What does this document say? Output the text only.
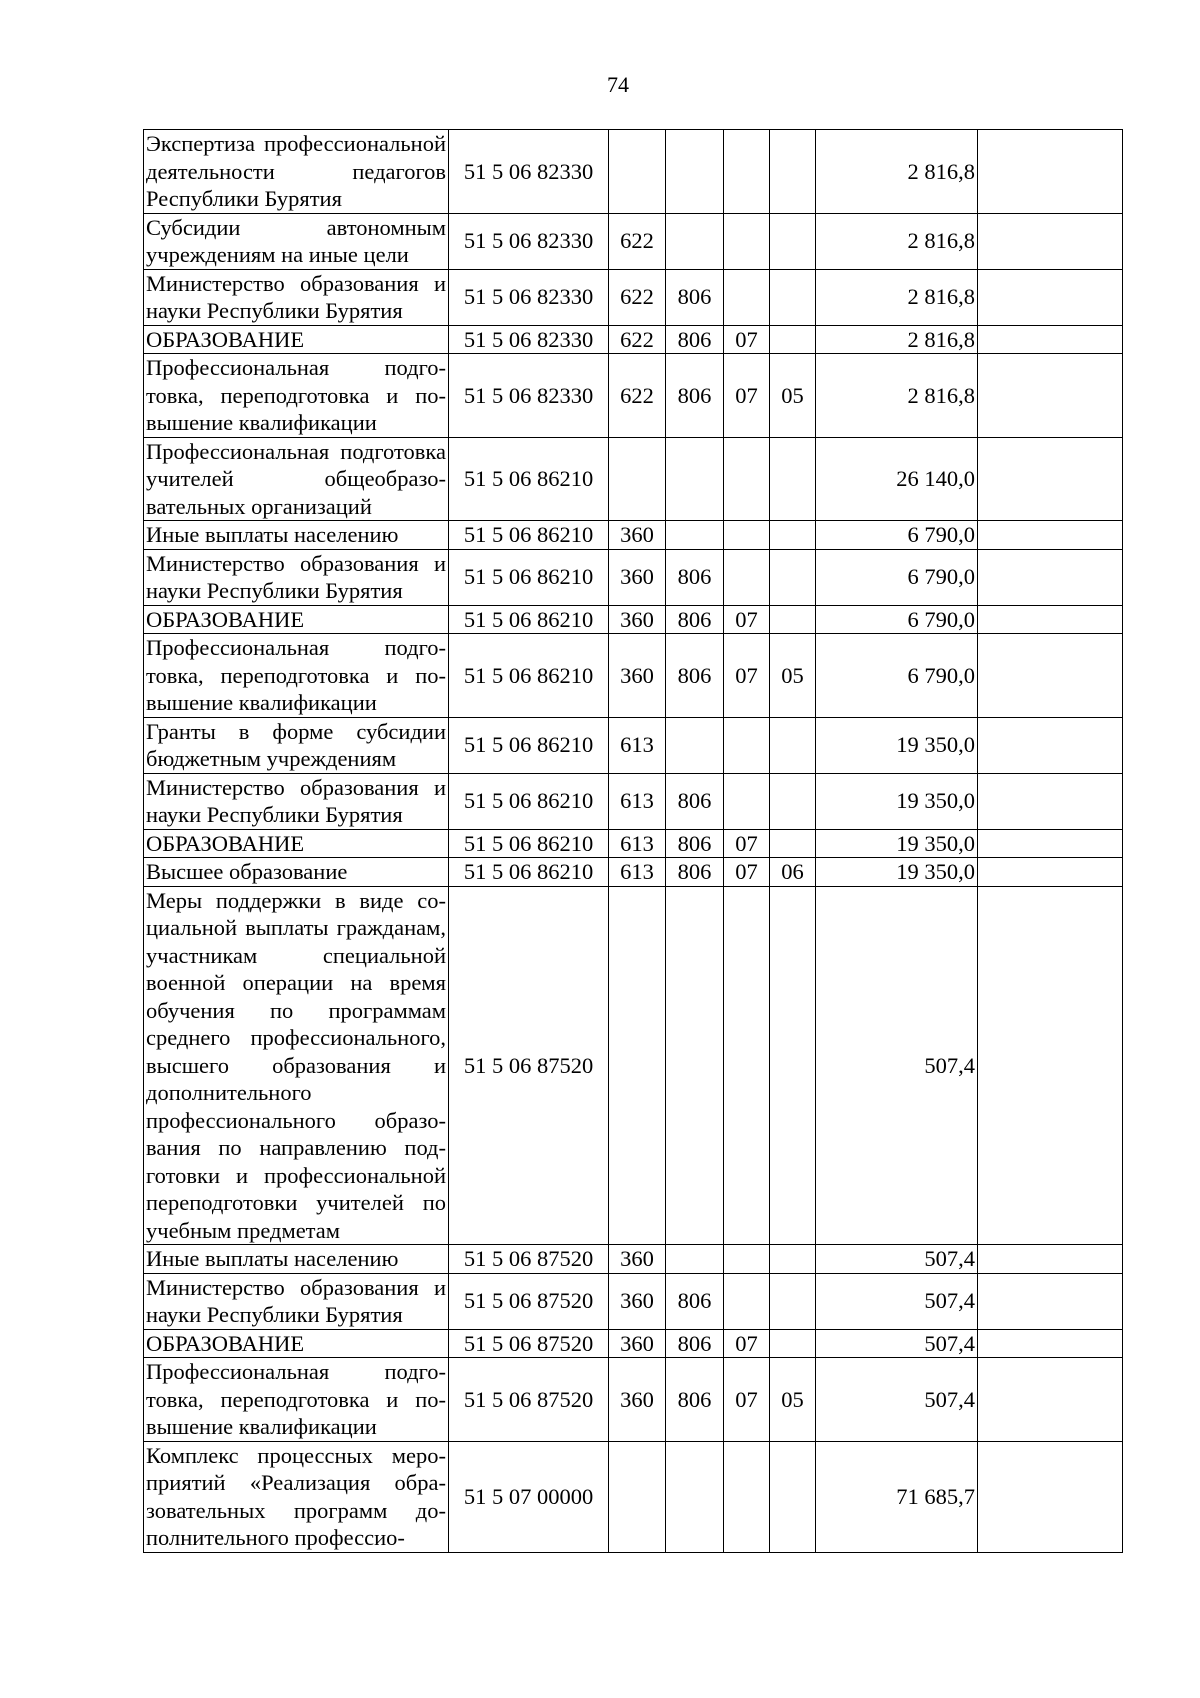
74
Экспертиза профессиональной деятельности педагогов Республики Бурятия	51 5 06 82330					2 816,8	
Субсидии автономным учреждениям на иные цели	51 5 06 82330	622				2 816,8	
Министерство образования и науки Республики Бурятия	51 5 06 82330	622	806			2 816,8	
ОБРАЗОВАНИЕ	51 5 06 82330	622	806	07		2 816,8	
Профессиональная подготовка, переподготовка и повышение квалификации	51 5 06 82330	622	806	07	05	2 816,8	
Профессиональная подготовка учителей общеобразовательных организаций	51 5 06 86210					26 140,0	
Иные выплаты населению	51 5 06 86210	360				6 790,0	
Министерство образования и науки Республики Бурятия	51 5 06 86210	360	806			6 790,0	
ОБРАЗОВАНИЕ	51 5 06 86210	360	806	07		6 790,0	
Профессиональная подготовка, переподготовка и повышение квалификации	51 5 06 86210	360	806	07	05	6 790,0	
Гранты в форме субсидии бюджетным учреждениям	51 5 06 86210	613				19 350,0	
Министерство образования и науки Республики Бурятия	51 5 06 86210	613	806			19 350,0	
ОБРАЗОВАНИЕ	51 5 06 86210	613	806	07		19 350,0	
Высшее образование	51 5 06 86210	613	806	07	06	19 350,0	
Меры поддержки в виде социальной выплаты гражданам, участникам специальной военной операции на время обучения по программам среднего профессионального, высшего образования и дополнительного профессионального образования по направлению подготовки и профессиональной переподготовки учителей по учебным предметам	51 5 06 87520					507,4	
Иные выплаты населению	51 5 06 87520	360				507,4	
Министерство образования и науки Республики Бурятия	51 5 06 87520	360	806			507,4	
ОБРАЗОВАНИЕ	51 5 06 87520	360	806	07		507,4	
Профессиональная подготовка, переподготовка и повышение квалификации	51 5 06 87520	360	806	07	05	507,4	
Комплекс процессных мероприятий «Реализация образовательных программ дополнительного профессио-	51 5 07 00000					71 685,7	
